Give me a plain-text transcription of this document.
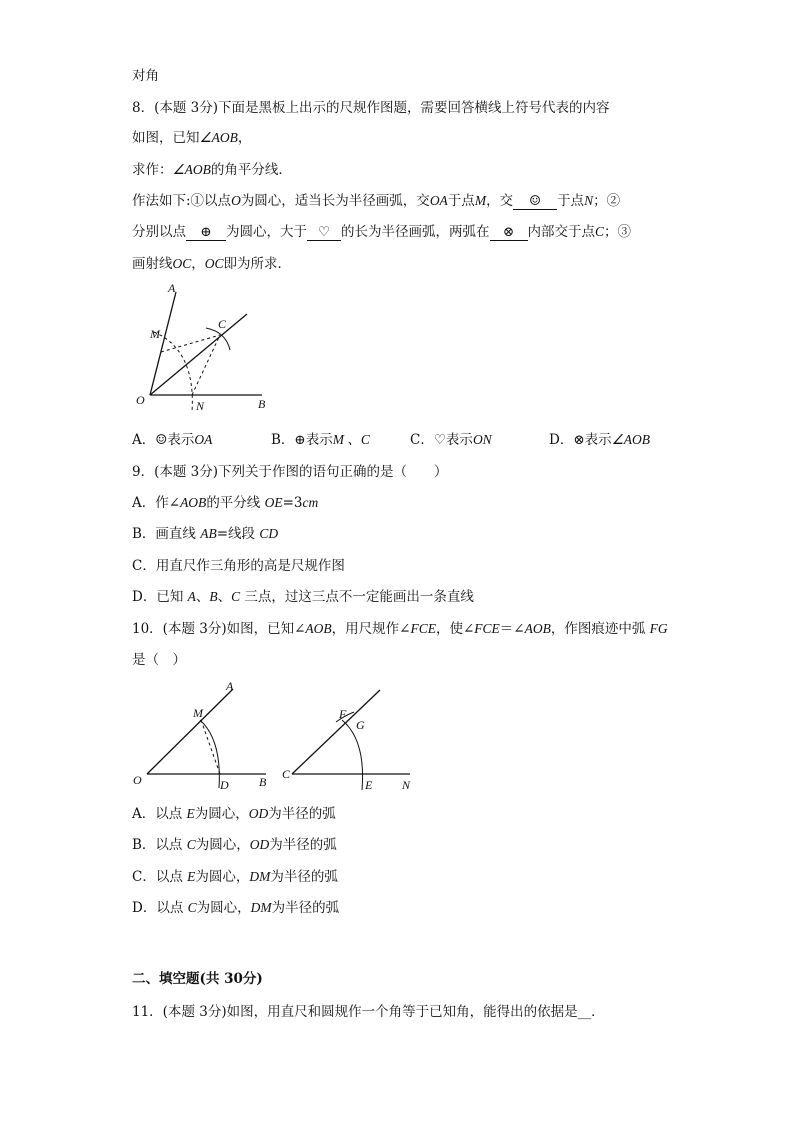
对角
8．(本题 3分)下面是黑板上出示的尺规作图题，需要回答横线上符号代表的内容
如图，已知∠AOB，
求作：∠AOB的角平分线．
作法如下:①以点O为圆心，适当长为半径画弧，交OA于点M，交 ☺ 于点N；②
分别以点 ⊕ 为圆心，大于 ♡ 的长为半径画弧，两弧在 ⊗ 内部交于点C；③
画射线OC，OC即为所求．
A
M
C
O	N	B
A．☺表示OA	B．⊕表示M 、C	C．♡表示ON	D．⊗表示∠AOB
9．(本题 3分)下列关于作图的语句正确的是（　　）
A．作∠AOB的平分线 OE=3cm
B．画直线 AB=线段 CD
C．用直尺作三角形的高是尺规作图
D．已知 A、B、C 三点，过这三点不一定能画出一条直线
10．(本题 3分)如图，已知∠AOB，用尺规作∠FCE，使∠FCE＝∠AOB，作图痕迹中弧 FG
是（　）
A
M
O	D	B
F
G
C
E N
A．以点 E为圆心，OD为半径的弧
B．以点 C为圆心，OD为半径的弧
C．以点 E为圆心，DM为半径的弧
D．以点 C为圆心，DM为半径的弧
二、填空题(共 30分)
11．(本题 3分)如图，用直尺和圆规作一个角等于已知角，能得出的依据是__．
